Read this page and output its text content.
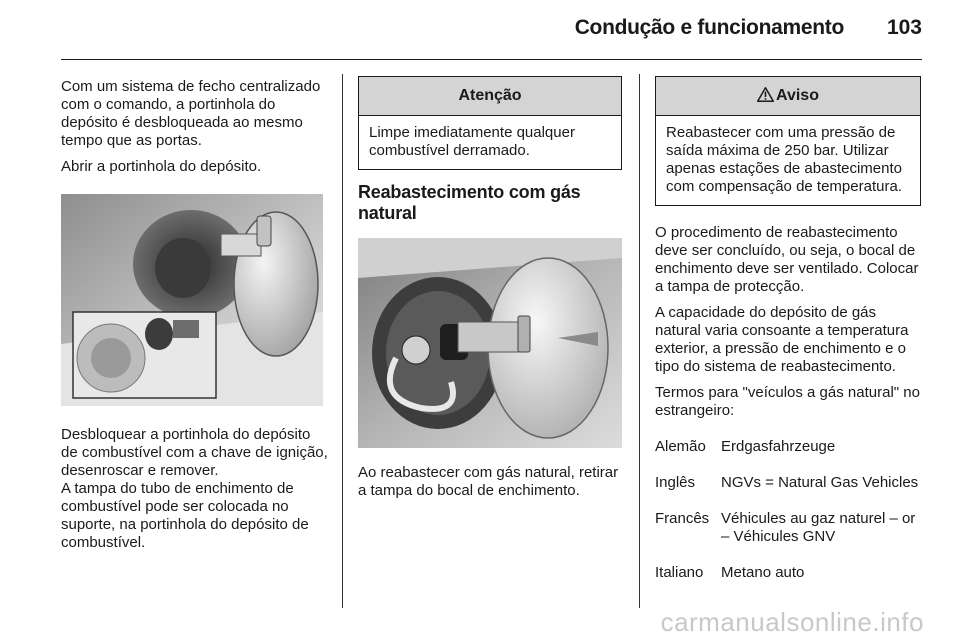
Condução e funcionamento 103

Com um sistema de fecho centralizado com o comando, a portinhola do depósito é desbloqueada ao mesmo tempo que as portas.

Abrir a portinhola do depósito.

Desbloquear a portinhola do depósito de combustível com a chave de ignição, desenroscar e remover.

A tampa do tubo de enchimento de combustível pode ser colocada no suporte, na portinhola do depósito de combustível.

Atenção
Limpe imediatamente qualquer combustível derramado.

Reabastecimento com gás natural

Ao reabastecer com gás natural, retirar a tampa do bocal de enchimento.

Aviso
Reabastecer com uma pressão de saída máxima de 250 bar. Utilizar apenas estações de abastecimento com compensação de temperatura.

O procedimento de reabastecimento deve ser concluído, ou seja, o bocal de enchimento deve ser ventilado. Colocar a tampa de protecção.

A capacidade do depósito de gás natural varia consoante a temperatura exterior, a pressão de enchimento e o tipo do sistema de reabastecimento.

Termos para "veículos a gás natural" no estrangeiro:

Alemão	Erdgasfahrzeuge
Inglês	NGVs = Natural Gas Vehicles
Francês Véhicules au gaz naturel – or – Véhicules GNV
Italiano	Metano auto
carmanualsonline.info
